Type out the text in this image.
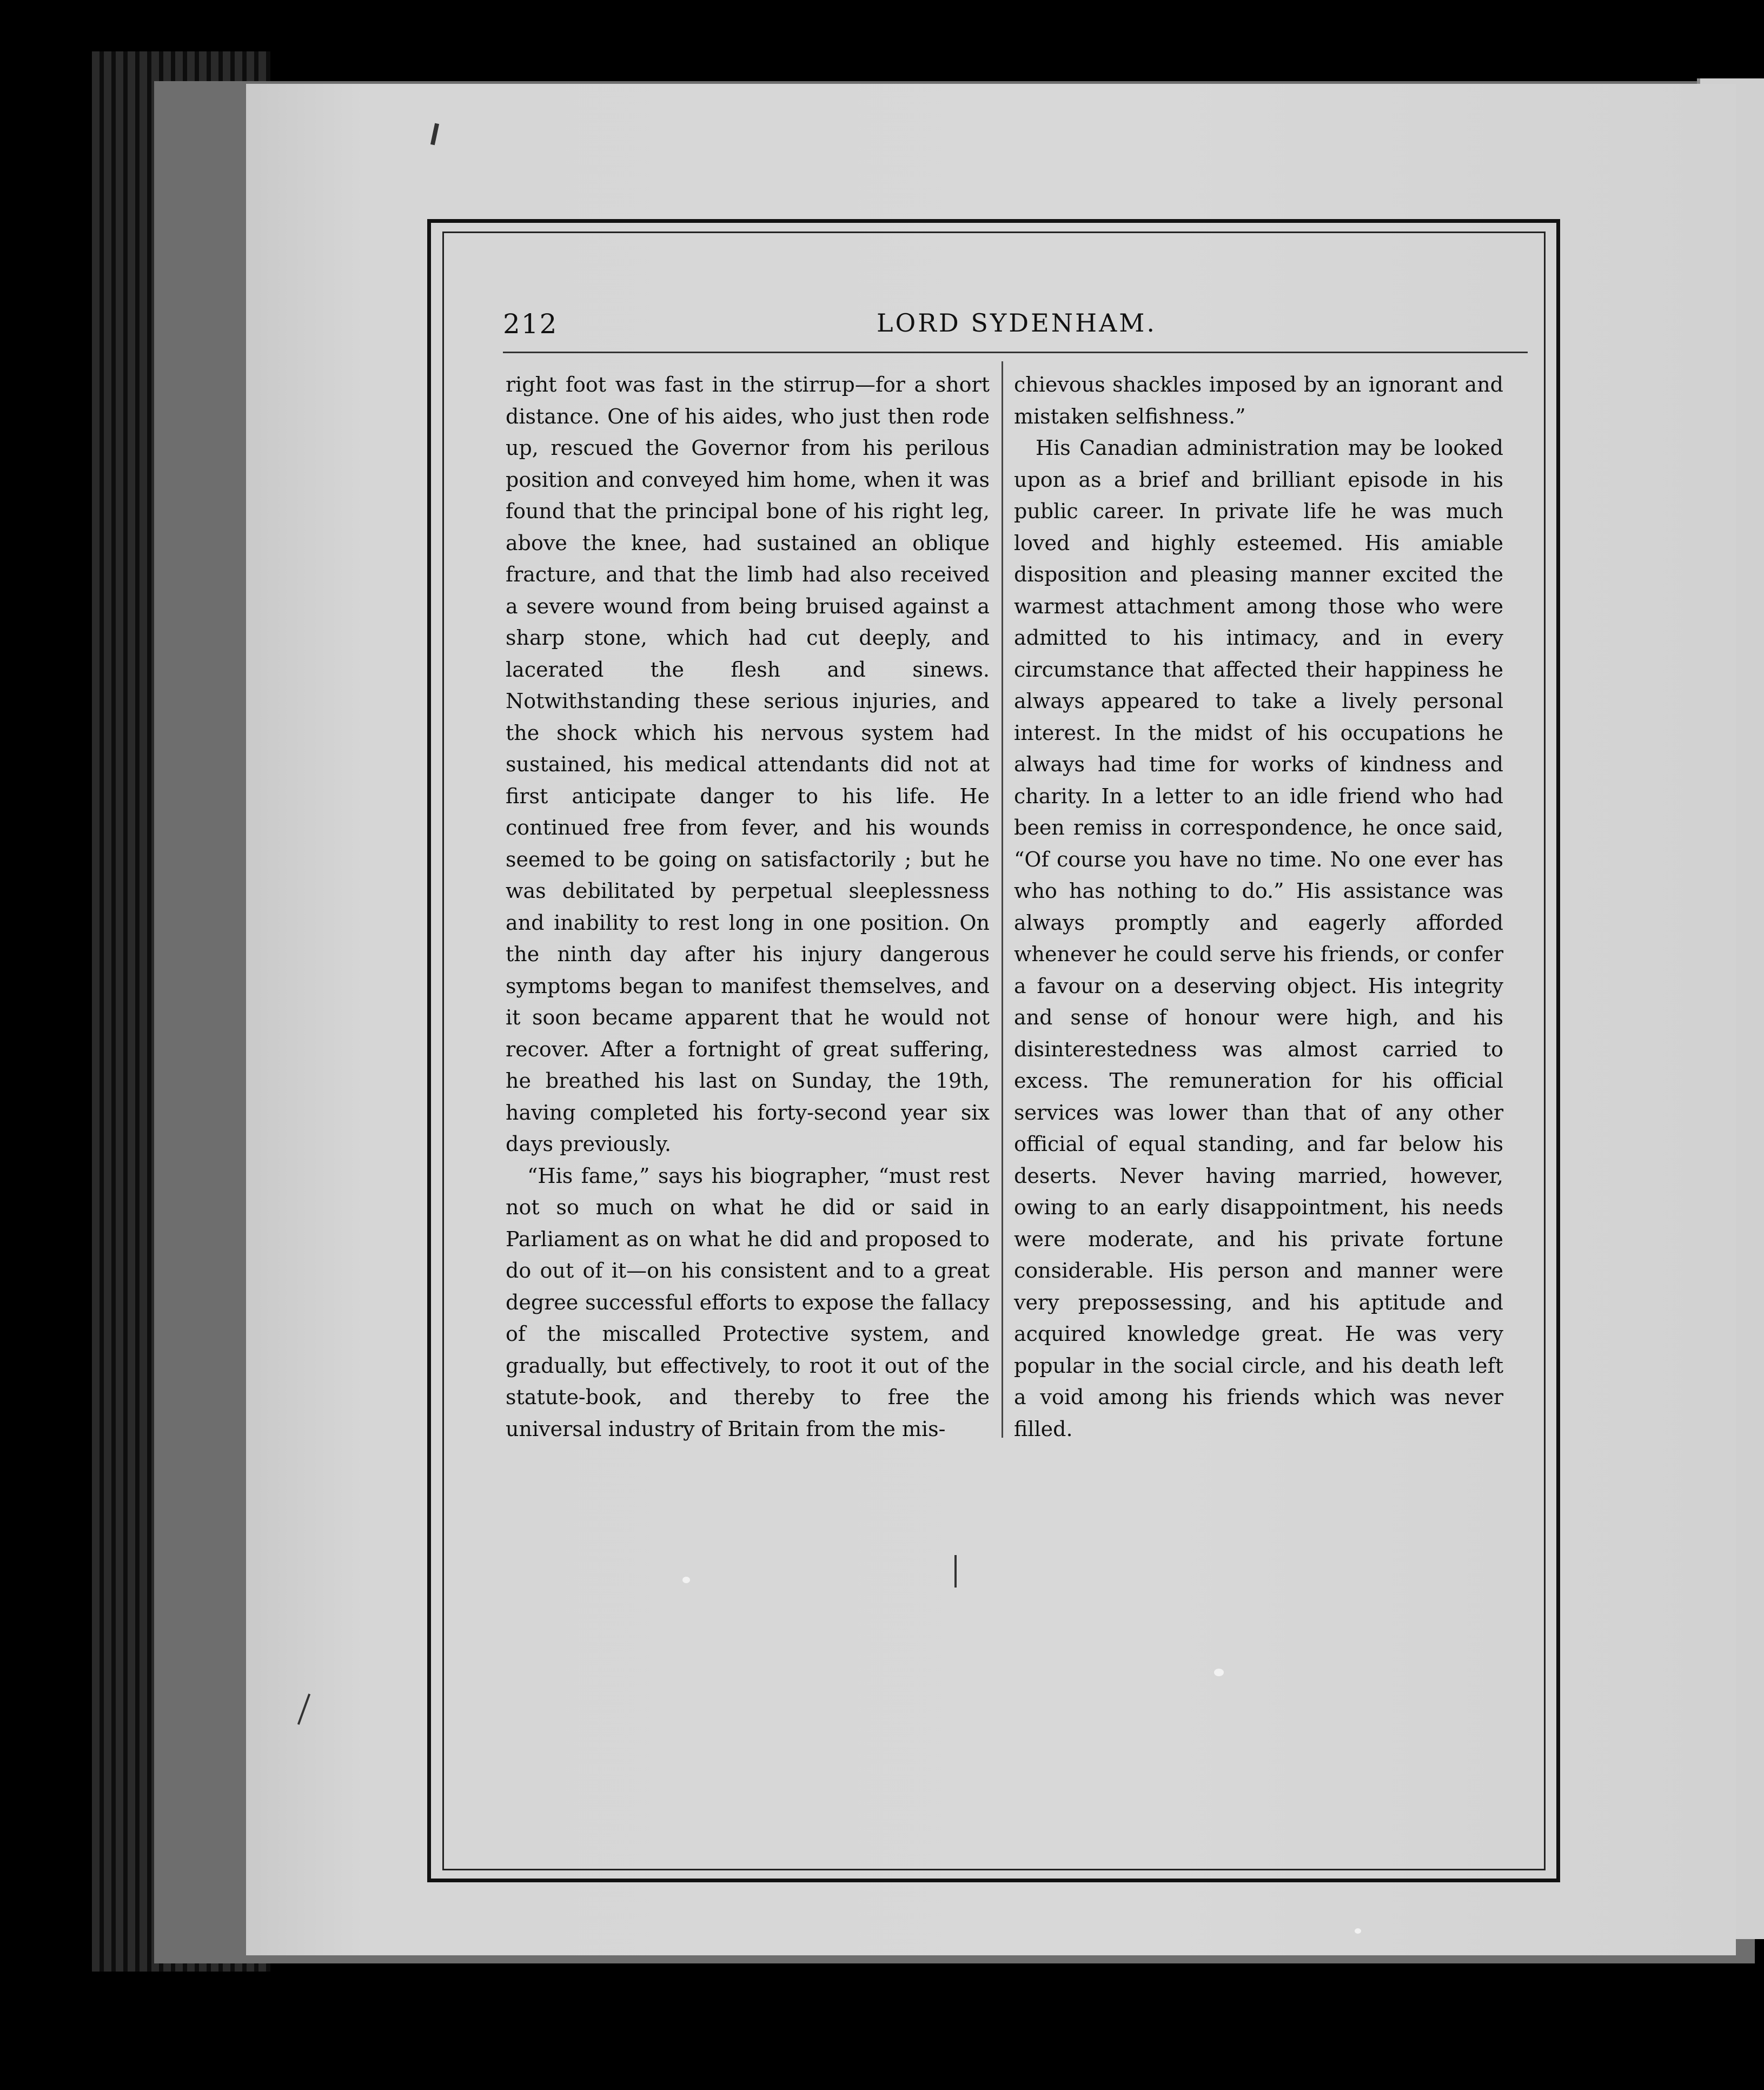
212	LORD SYDENHAM.

right foot was fast in the stirrup—for a short distance. One of his aides, who just then rode up, rescued the Governor from his perilous position and conveyed him home, when it was found that the principal bone of his right leg, above the knee, had sustained an oblique fracture, and that the limb had also received a severe wound from being bruised against a sharp stone, which had cut deeply, and lacerated the flesh and sinews. Notwithstanding these serious injuries, and the shock which his nervous system had sustained, his medical attendants did not at first anticipate danger to his life. He continued free from fever, and his wounds seemed to be going on satisfactorily ; but he was debilitated by perpetual sleeplessness and inability to rest long in one position. On the ninth day after his injury dangerous symptoms began to manifest themselves, and it soon became apparent that he would not recover. After a fortnight of great suffering, he breathed his last on Sunday, the 19th, having completed his forty-second year six days previously.

“His fame,” says his biographer, “must rest not so much on what he did or said in Parliament as on what he did and proposed to do out of it—on his consistent and to a great degree successful efforts to expose the fallacy of the miscalled Protective system, and gradually, but effectively, to root it out of the statute-book, and thereby to free the universal industry of Britain from the mis-

chievous shackles imposed by an ignorant and mistaken selfishness.”

His Canadian administration may be looked upon as a brief and brilliant episode in his public career. In private life he was much loved and highly esteemed. His amiable disposition and pleasing manner excited the warmest attachment among those who were admitted to his intimacy, and in every circumstance that affected their happiness he always appeared to take a lively personal interest. In the midst of his occupations he always had time for works of kindness and charity. In a letter to an idle friend who had been remiss in correspondence, he once said, “Of course you have no time. No one ever has who has nothing to do.” His assistance was always promptly and eagerly afforded whenever he could serve his friends, or confer a favour on a deserving object. His integrity and sense of honour were high, and his disinterestedness was almost carried to excess. The remuneration for his official services was lower than that of any other official of equal standing, and far below his deserts. Never having married, however, owing to an early disappointment, his needs were moderate, and his private fortune considerable. His person and manner were very prepossessing, and his aptitude and acquired knowledge great. He was very popular in the social circle, and his death left a void among his friends which was never filled.
